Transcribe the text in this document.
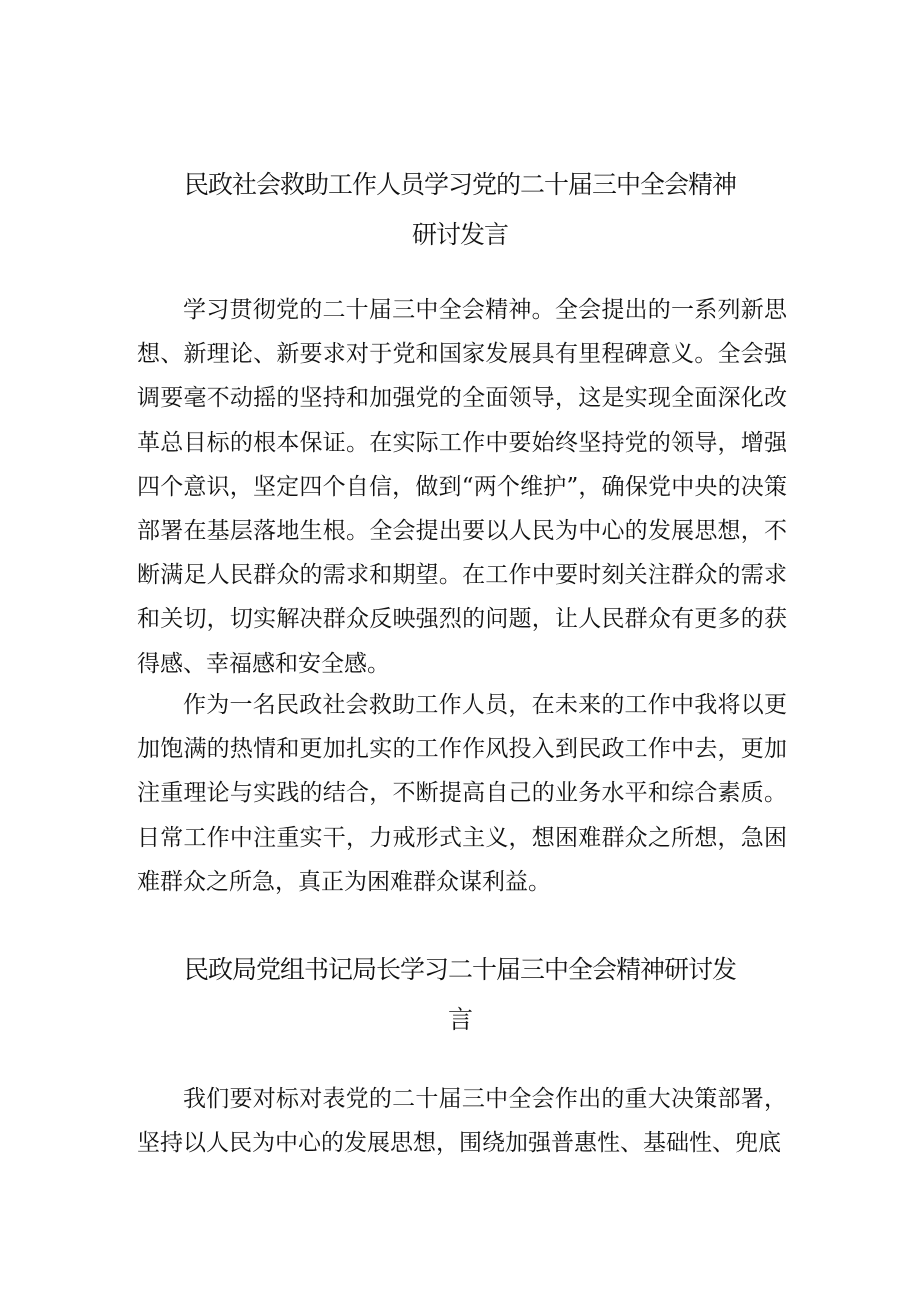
民政社会救助工作人员学习党的二十届三中全会精神
研讨发言

学习贯彻党的二十届三中全会精神。全会提出的一系列新思想、新理论、新要求对于党和国家发展具有里程碑意义。全会强调要毫不动摇的坚持和加强党的全面领导，这是实现全面深化改革总目标的根本保证。在实际工作中要始终坚持党的领导，增强四个意识，坚定四个自信，做到“两个维护”，确保党中央的决策部署在基层落地生根。全会提出要以人民为中心的发展思想，不断满足人民群众的需求和期望。在工作中要时刻关注群众的需求和关切，切实解决群众反映强烈的问题，让人民群众有更多的获得感、幸福感和安全感。

作为一名民政社会救助工作人员，在未来的工作中我将以更加饱满的热情和更加扎实的工作作风投入到民政工作中去，更加注重理论与实践的结合，不断提高自己的业务水平和综合素质。日常工作中注重实干，力戒形式主义，想困难群众之所想，急困难群众之所急，真正为困难群众谋利益。

民政局党组书记局长学习二十届三中全会精神研讨发
言

我们要对标对表党的二十届三中全会作出的重大决策部署，坚持以人民为中心的发展思想，围绕加强普惠性、基础性、兜底
